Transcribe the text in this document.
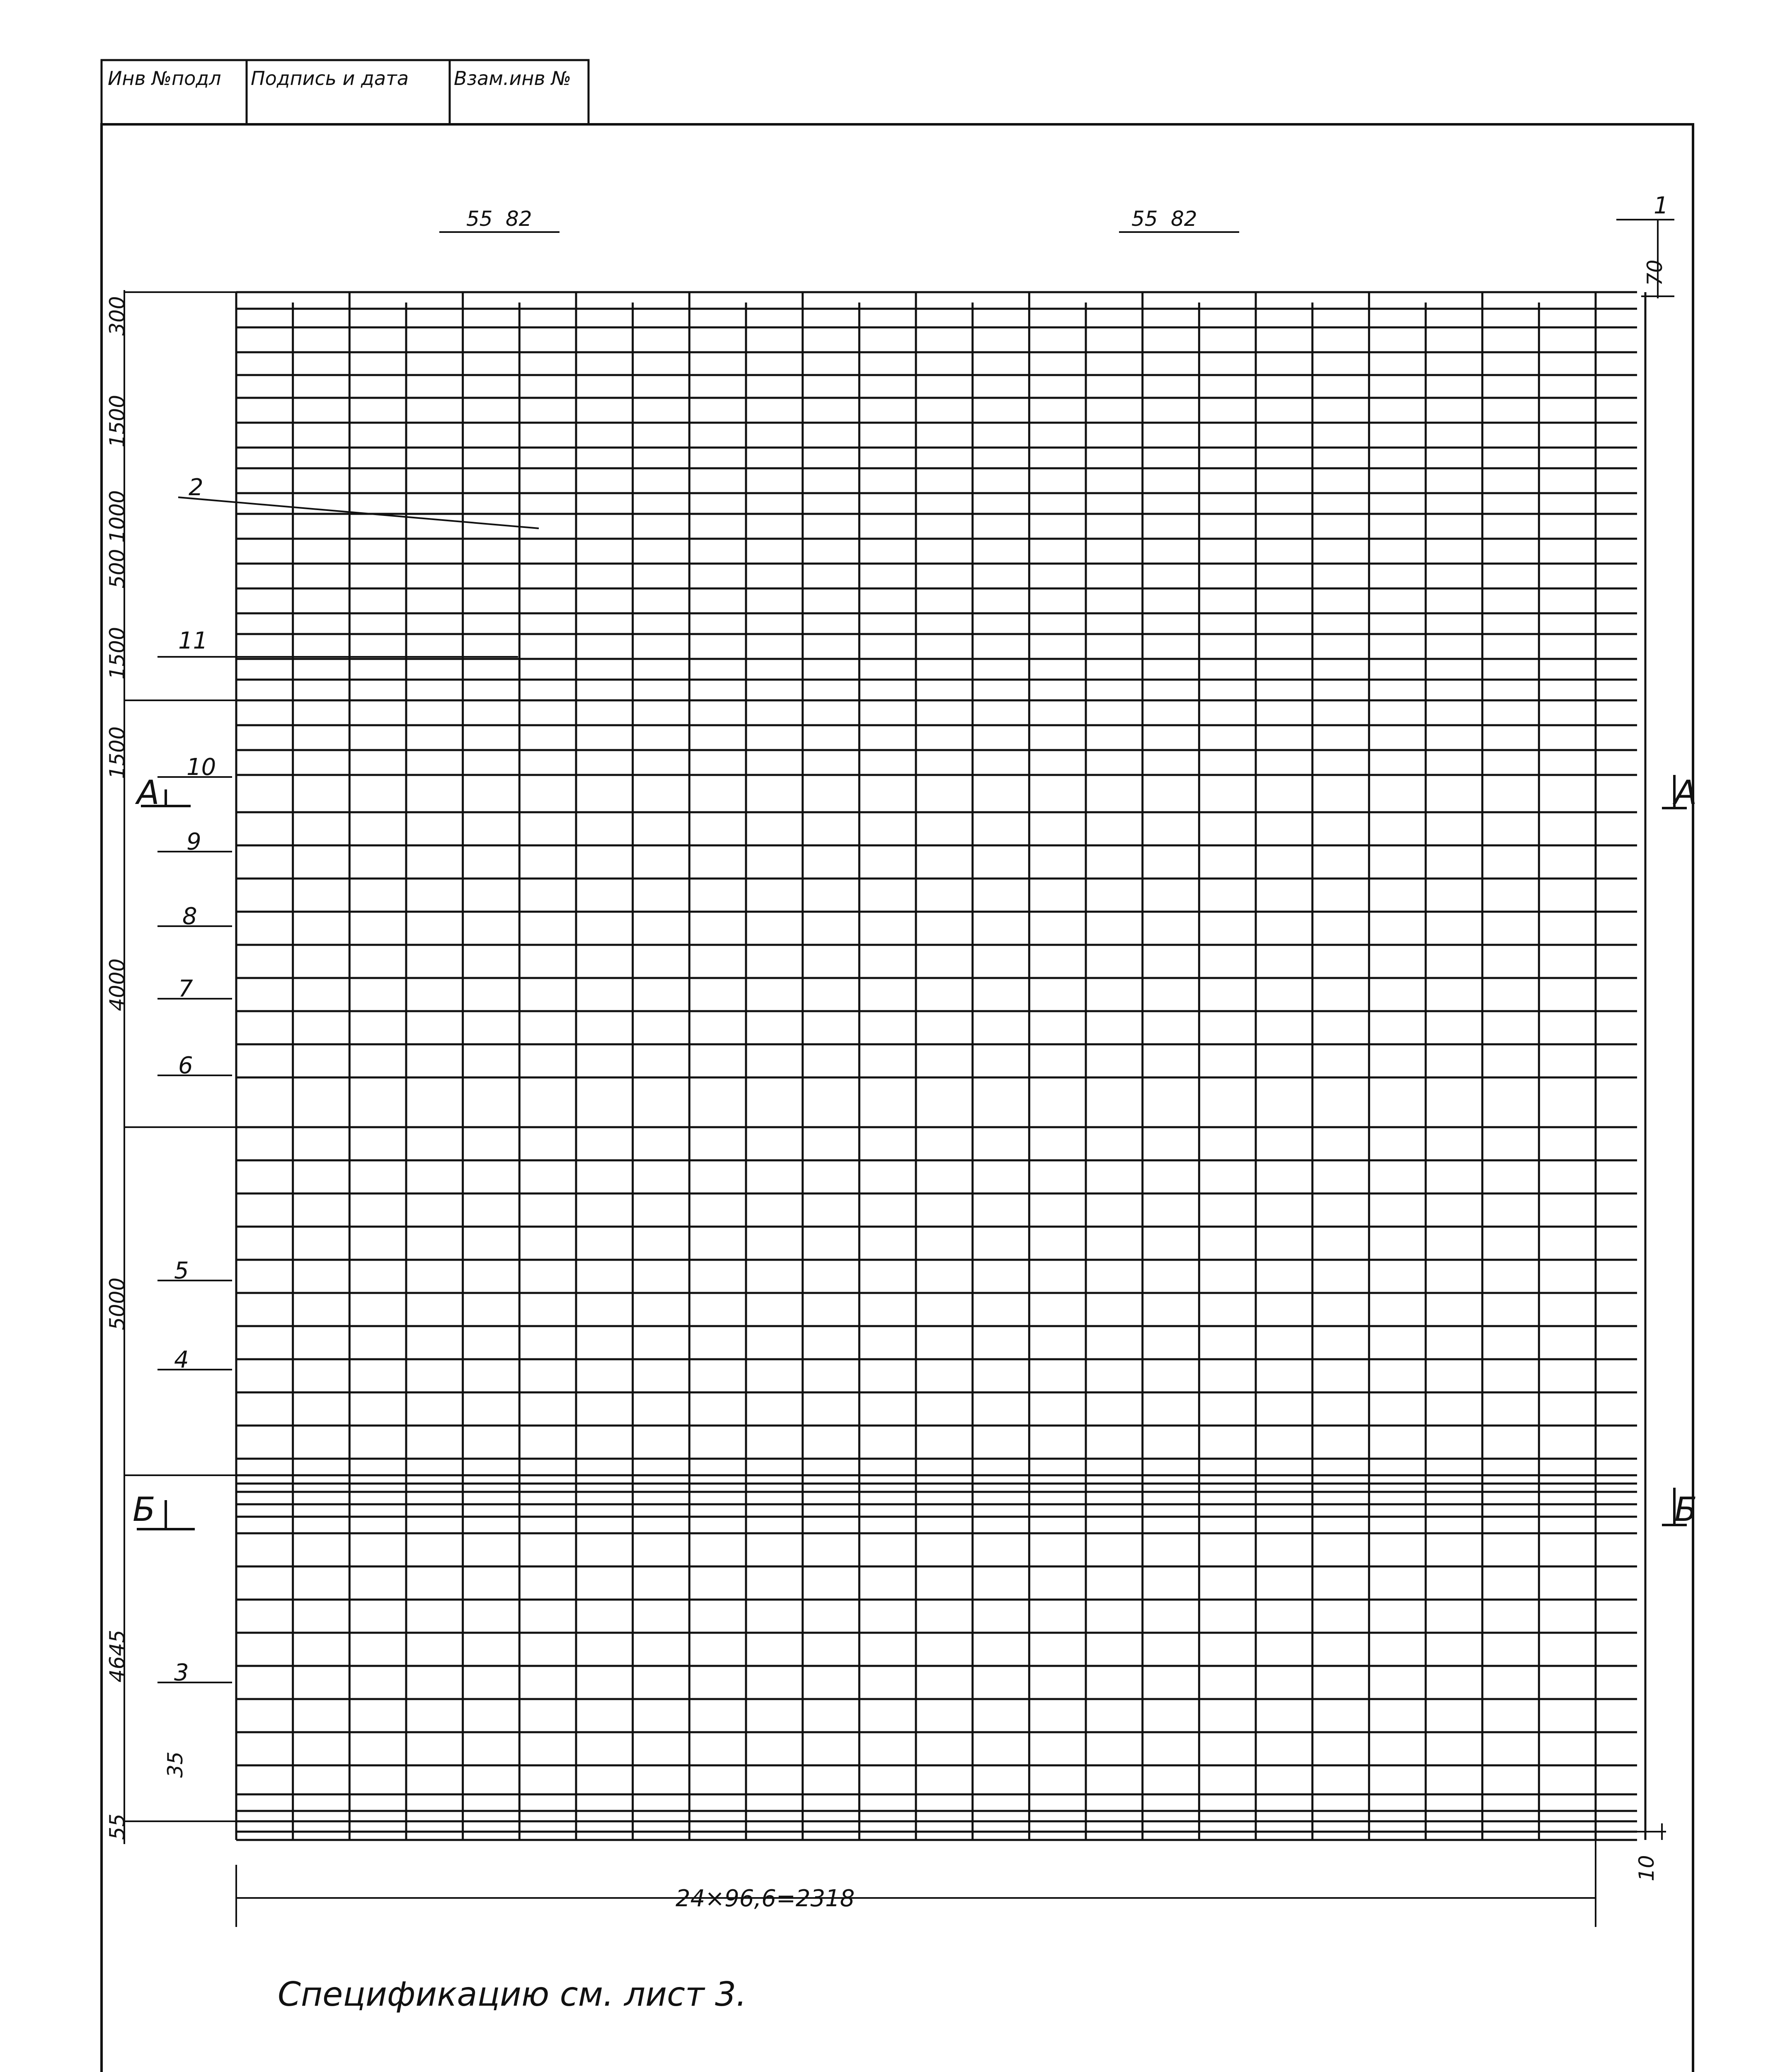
Инв №подл Подпись и дата Взам.инв №
55 82	55 82
300
1500
1000
500
1500
1500
4000
5000
4645
35
55
24×96,6=2318
10
70
1
2
11
10
9
8
7
6
5
4
3
А	А
Б	Б
Спецификацию см. лист 3.
